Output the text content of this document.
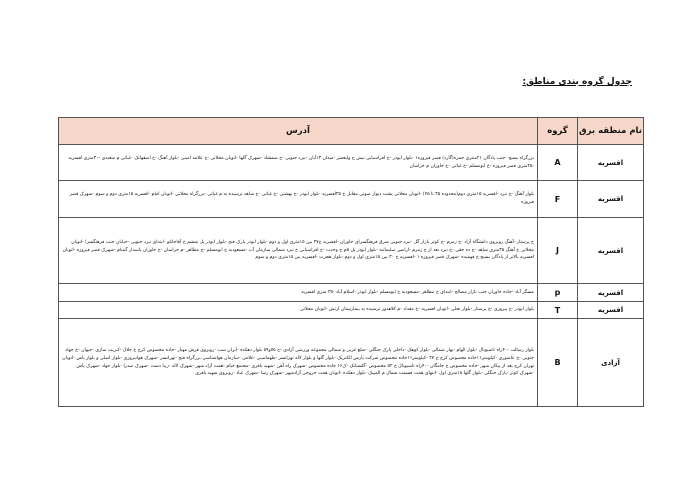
جدول گروه بندی مناطق:
نام منطقه برق	گروه	آدرس
اقسریه	A	بزرگراه بسیج -جنب پادگان ۲۱منتری حمزه(گارد) قصر فیروزه۱ -بلوار ایوذر -خ افراسیابی نبش خ ولیعصر -میدان ۱۳آبان -نیرد جنوبی -خ شمشاد -شهرک گلها -اتوبان محلاتی -خ علامه امینی -بلوار آهنگ -خ اصفهانک -غیاثی م سعیدی -۳۰متری افسریه -۳۵متری قصر فیروزه -خ ابومسلم -خ غیاثی -خ خاوران م خراسان
اقسریه	F	بلوار آهنگ -خ نبرد -افسریه ۱۵متری دوم(محدوده ۳۵ تا ۴۵) -اتوبان محلاتی پشت دیوار صوتی مقابل خ ۳۵افسریه -بلوار ابوذر -خ بهشتی -خ غیاثی -خ شاهد ترسیده به م غیاثی -بزرگراه محلاتی -اتوبان امام -افسریه ۱۵متری دوم و سوم -شهرک قصر فیروزه
اقسریه	J	خ پرستار -آهنگ روبروی دانشگاه آزاد -خ زمزم -خ کوثر بازار گل -نبرد جنوبی شرق فرهنگسرای خاوران -افسریه خ۲۷ بین ۱۵متری اول و دوم -بلوار ابوذر پارک فتح -بلوار ابوذر پل ششم خ آقاجانلو -ابتدای نبرد جنوبی -خیابان جنب فرهنگسرا -اتوبان محلاتی خ آهنگ ۳۵متری شاهد -خ ده حقی -خ نبرد بعد از خ زمزم -اراضی سلیمانیه -بلوار ابوذر پل ۵م خ وحدت -خ افراسیابی خ نبرد شمالی سازمان آب -مسعودیه خ ابومسلم -خ مظاهر -م خراسان -خ خاوران پاسدار گمنام -شهرک قصر فیروزه -اتوبان افسریه بالاتر از پادگان بسیج خ فهمیده -شهرک قصر فیروزه ۱ -افسریه خ ۳۰ بین ۱۵متری اول و دوم -بلوار هجرت -افسریه بین ۱۵متری دوم و سوم
اقسریه	p	مسگر آباد -جاده خاوران جنب بازار مصالح -ابتدای خ مظاهر -مسعودیه خ ابومسلم -بلوار ابوذر -اسلام آباد -۳۵ متری افسریه
اقسریه	T	بلوار ابوذر -خ پیروزی -خ پرستار -بلوار نخلی -اتوبان افسریه -خ مقداد -م کلاهدوز ترسیده به بیمارستان ارتش -اتوبان محلاتی
آزادی	B	بلوار رسالت -۴۰راه تاسیونال -بلوار الهام -بهار شمالی -بلوار کوهک -داخلی پارک جنگلی -ضلع غربی و شمالی مجموعه ورزشی آزادی -خ ۷۵و۵۹ بلوار دهکده -ایران سب -روبروی فرش مهیار -جاده مخصوص کرج خ جلال -کبریت سازی -جیهان -خ جهاد جنوبی -خ عاشوری -کیلومتر۱۱جاده مخصوص کرج خ ۲۷ -کیلومتر۱۱جاده مخصوص شرکت پارس الکتریک -بلوار گلها و بلوار لاله تهرانسر -طهماسبی -غلامی -سازمان هواشناسی بزرگراه فتح -تهرانسر -شهرک هوانیروزی -بلوار اصلی و بلوار یاس -اتوبان تهران کرج بعد از پیکان شهر -جاده مخصوص خ جامگان -۴۰راه تاسیونال خ ۵۲ مخصوص -گلستانک -ک۱۶ جاده مخصوص -شهرک راه آهن -شهید باقری -مجتمع خیام -همت آزاد شهر -شهرک لاله -زیبا دشت -شهرک صدرا -بلوار جهاد -شهرک یاس -شهرک کوثر -پارک جنگلی -بلوار گلها ۱۸متری اول -انتهای همت قسمت شمال م المپیک -بلوار دهکده -اتوبان همت خروجی آزادشهر -شهرک رسا -شهرک عباد -روبروی شهید باقری
